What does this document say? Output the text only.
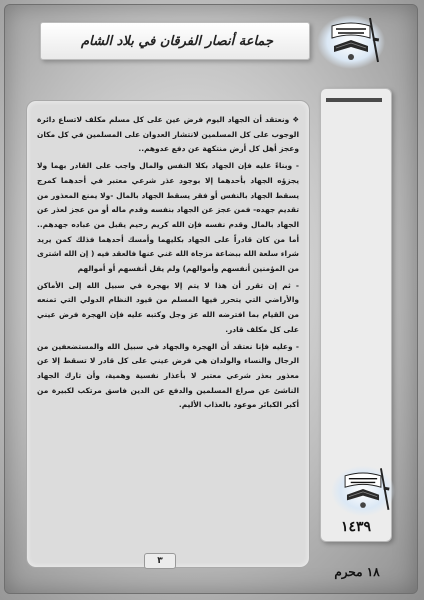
جماعة أنصار الفرقان في بلاد الشام
١٤٣٩
١٨ محرم

❖ ونعتقد أن الجهاد اليوم فرض عين على كل مسلم مكلف لاتساع دائرة الوجوب على كل المسلمين لانتشار العدوان على المسلمين في كل مكان وعجز أهل كل أرض منتكهة عن دفع عدوهم..

- وبناءً عليه فإن الجهاد بكلا النفس والمال واجب على القادر بهما ولا يجزؤه الجهاد بأحدهما إلا بوجود عذر شرعي معتبر في أحدهما كمرج يسقط الجهاد بالنفس أو فقر يسقط الجهاد بالمال -ولا يمنع المعذور من تقديم جهده- فمن عجز عن الجهاد بنفسه وقدم ماله أو من عجز لعذر عن الجهاد بالمال وقدم نفسه فإن الله كريم رحيم يقبل من عباده جهدهم.. أما من كان قادراً على الجهاد بكليهما وأمسك أحدهما فذلك كمن يريد شراء سلعة الله ببضاعة مزجاة الله غني عنها فالعقد فيه ( إن الله اشترى من المؤمنين أنفسهم وأموالهم) ولم يقل أنفسهم أو أموالهم

- ثم إن تقرر أن هذا لا يتم إلا بهجرة في سبيل الله إلى الأماكن والأراضي التي يتحرر فيها المسلم من قيود النظام الدولي التي تمنعه من القيام بما افترضه الله عز وجل وكتبه عليه فإن الهجرة فرض عيني على كل مكلف قادر.

- وعليه فإنا نعتقد أن الهجرة والجهاد في سبيل الله والمستضعفين من الرجال والنساء والولدان هي فرض عيني على كل قادر لا تسقط إلا عن معذور بعذر شرعي معتبر لا بأعذار نفسية وهمية، وأن تارك الجهاد الناشئ عن صراع المسلمين والدفع عن الدين فاسق مرتكب لكبيرة من أكبر الكبائر موعود بالعذاب الأليم.

٣
